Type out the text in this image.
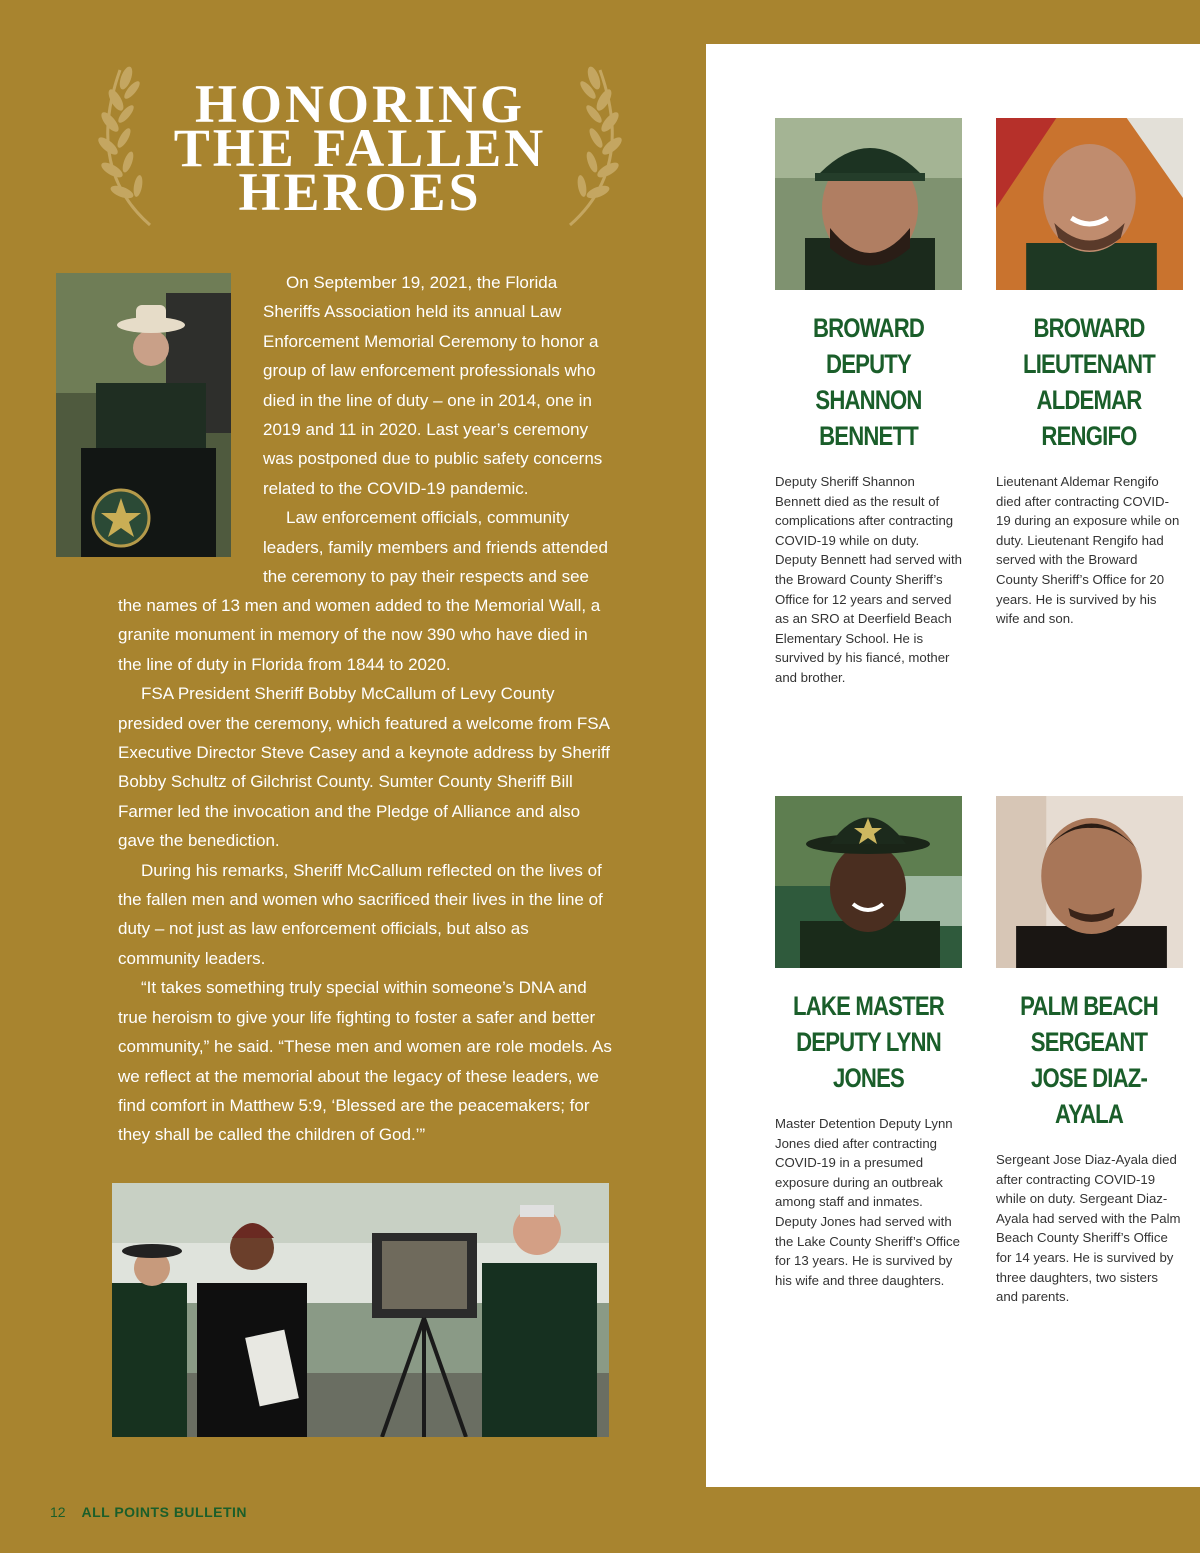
HONORING
THE FALLEN
HEROES

On September 19, 2021, the Florida Sheriffs Association held its annual Law Enforcement Memorial Ceremony to honor a group of law enforcement professionals who died in the line of duty – one in 2014, one in 2019 and 11 in 2020. Last year’s ceremony was postponed due to public safety concerns related to the COVID-19 pandemic.

Law enforcement officials, community leaders, family members and friends attended the ceremony to pay their respects and see

the names of 13 men and women added to the Memorial Wall, a granite monument in memory of the now 390 who have died in the line of duty in Florida from 1844 to 2020.

FSA President Sheriff Bobby McCallum of Levy County presided over the ceremony, which featured a welcome from FSA Executive Director Steve Casey and a keynote address by Sheriff Bobby Schultz of Gilchrist County. Sumter County Sheriff Bill Farmer led the invocation and the Pledge of Alliance and also gave the benediction.

During his remarks, Sheriff McCallum reflected on the lives of the fallen men and women who sacrificed their lives in the line of duty – not just as law enforcement officials, but also as community leaders.

“It takes something truly special within someone’s DNA and true heroism to give your life fighting to foster a safer and better community,” he said. “These men and women are role models. As we reflect at the memorial about the legacy of these leaders, we find comfort in Matthew 5:9, ‘Blessed are the peacemakers; for they shall be called the children of God.’”

BROWARD DEPUTY
SHANNON BENNETT
Deputy Sheriff Shannon Bennett died as the result of complications after contracting COVID-19 while on duty. Deputy Bennett had served with the Broward County Sheriff’s Office for 12 years and served as an SRO at Deerfield Beach Elementary School. He is survived by his fiancé, mother and brother.
BROWARD
LIEUTENANT
ALDEMAR RENGIFO
Lieutenant Aldemar Rengifo died after contracting COVID-19 during an exposure while on duty. Lieutenant Rengifo had served with the Broward County Sheriff’s Office for 20 years. He is survived by his wife and son.
LAKE MASTER
DEPUTY LYNN JONES
Master Detention Deputy Lynn Jones died after contracting COVID-19 in a presumed exposure during an outbreak among staff and inmates. Deputy Jones had served with the Lake County Sheriff’s Office for 13 years. He is survived by his wife and three daughters.
PALM BEACH
SERGEANT
JOSE DIAZ-AYALA
Sergeant Jose Diaz-Ayala died after contracting COVID-19 while on duty. Sergeant Diaz-Ayala had served with the Palm Beach County Sheriff’s Office for 14 years. He is survived by three daughters, two sisters and parents.
12 ALL POINTS BULLETIN
